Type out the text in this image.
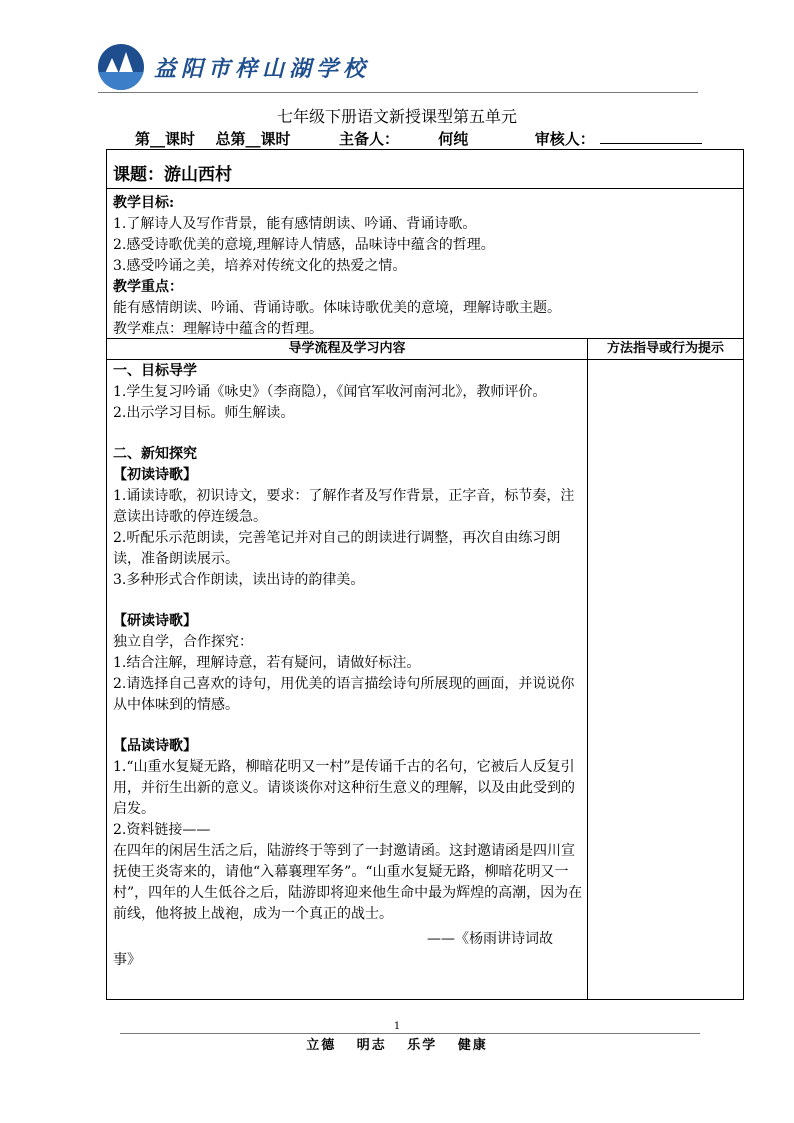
益阳市梓山湖学校
七年级下册语文新授课型第五单元
第__课时 总第__课时	主备人：	何纯	审核人：
课题：游山西村

教学目标:

1.了解诗人及写作背景，能有感情朗读、吟诵、背诵诗歌。

2.感受诗歌优美的意境,理解诗人情感，品味诗中蕴含的哲理。

3.感受吟诵之美，培养对传统文化的热爱之情。

教学重点：

能有感情朗读、吟诵、背诵诗歌。体味诗歌优美的意境，理解诗歌主题。

教学难点：理解诗中蕴含的哲理。

导学流程及学习内容	方法指导或行为提示

一、目标导学

1.学生复习吟诵《咏史》（李商隐），《闻官军收河南河北》，教师评价。

2.出示学习目标。师生解读。

二、新知探究

【初读诗歌】

1.诵读诗歌，初识诗文，要求：了解作者及写作背景，正字音，标节奏，注意读出诗歌的停连缓急。

2.听配乐示范朗读，完善笔记并对自己的朗读进行调整，再次自由练习朗读，准备朗读展示。

3.多种形式合作朗读，读出诗的韵律美。

【研读诗歌】

独立自学，合作探究：

1.结合注解，理解诗意，若有疑问，请做好标注。

2.请选择自己喜欢的诗句，用优美的语言描绘诗句所展现的画面，并说说你从中体味到的情感。

【品读诗歌】

1.“山重水复疑无路，柳暗花明又一村”是传诵千古的名句，它被后人反复引用，并衍生出新的意义。请谈谈你对这种衍生意义的理解，以及由此受到的启发。

2.资料链接——

在四年的闲居生活之后，陆游终于等到了一封邀请函。这封邀请函是四川宣抚使王炎寄来的，请他“入幕襄理军务”。“山重水复疑无路，柳暗花明又一村”，四年的人生低谷之后，陆游即将迎来他生命中最为辉煌的高潮，因为在前线，他将披上战袍，成为一个真正的战士。

——《杨雨讲诗词故

事》

1
立德 明志 乐学 健康
